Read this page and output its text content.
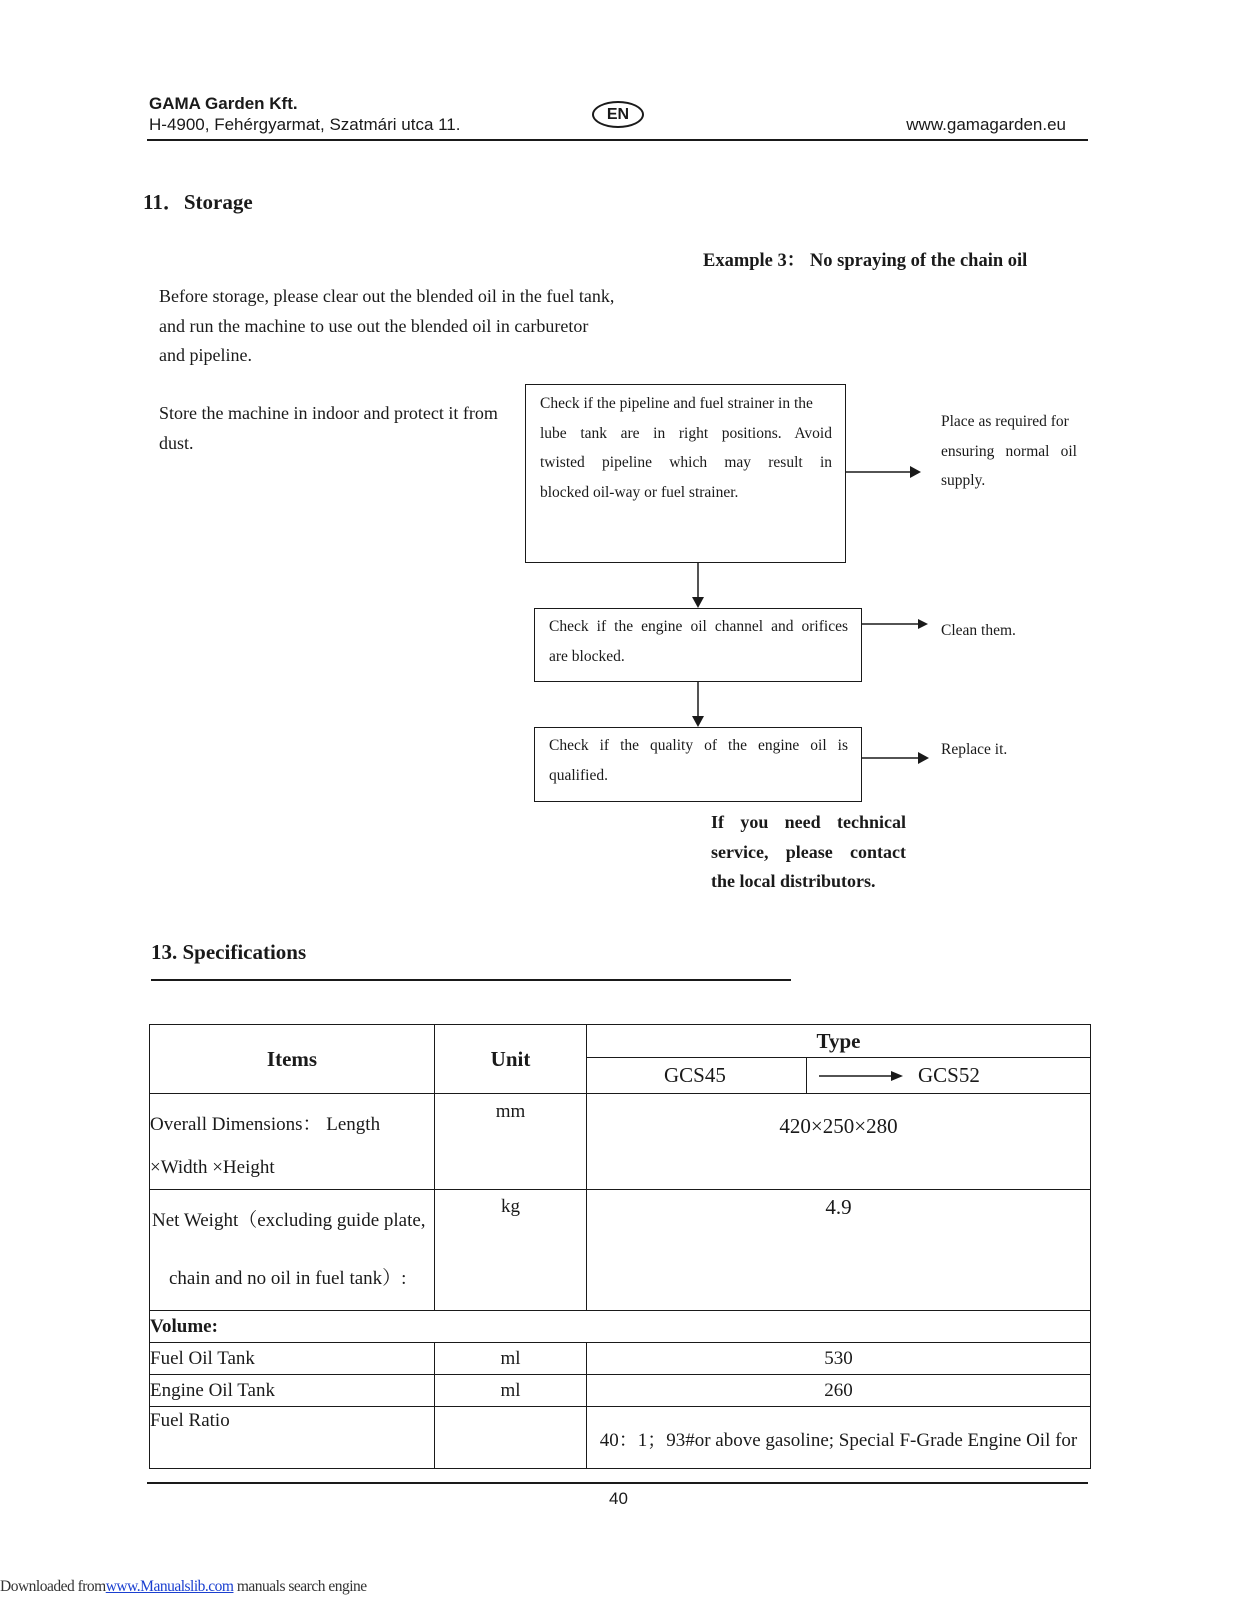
GAMA Garden Kft.
H-4900, Fehérgyarmat, Szatmári utca 11.
EN
www.gamagarden.eu
11．Storage
Before storage, please clear out the blended oil in the fuel tank,
and run the machine to use out the blended oil in carburetor
and pipeline.
Store the machine in indoor and protect it from
dust.
Example 3： No spraying of the chain oil
Check if the pipeline and fuel strainer in the
lube tank are in right positions. Avoid
twisted pipeline which may result in
blocked oil-way or fuel strainer.
Check if the engine oil channel and orifices
are blocked.
Check if the quality of the engine oil is
qualified.
Place as required for
ensuring normal oil
supply.
Clean them.
Replace it.
If you need technical service, please contact the local distributors.
13. Specifications
Items	Unit	Type	
		GCS45	GCS52

Overall Dimensions： Length
×Width ×Height	mm	420×250×280	

Net Weight（excluding guide plate,
chain and no oil in fuel tank）:	kg	4.9	
Volume:			
Fuel Oil Tank	ml	530	
Engine Oil Tank	ml	260	
Fuel Ratio		40：1；93#or above gasoline; Special F-Grade Engine Oil for	
40
Downloaded fromwww.Manualslib.com manuals search engine
